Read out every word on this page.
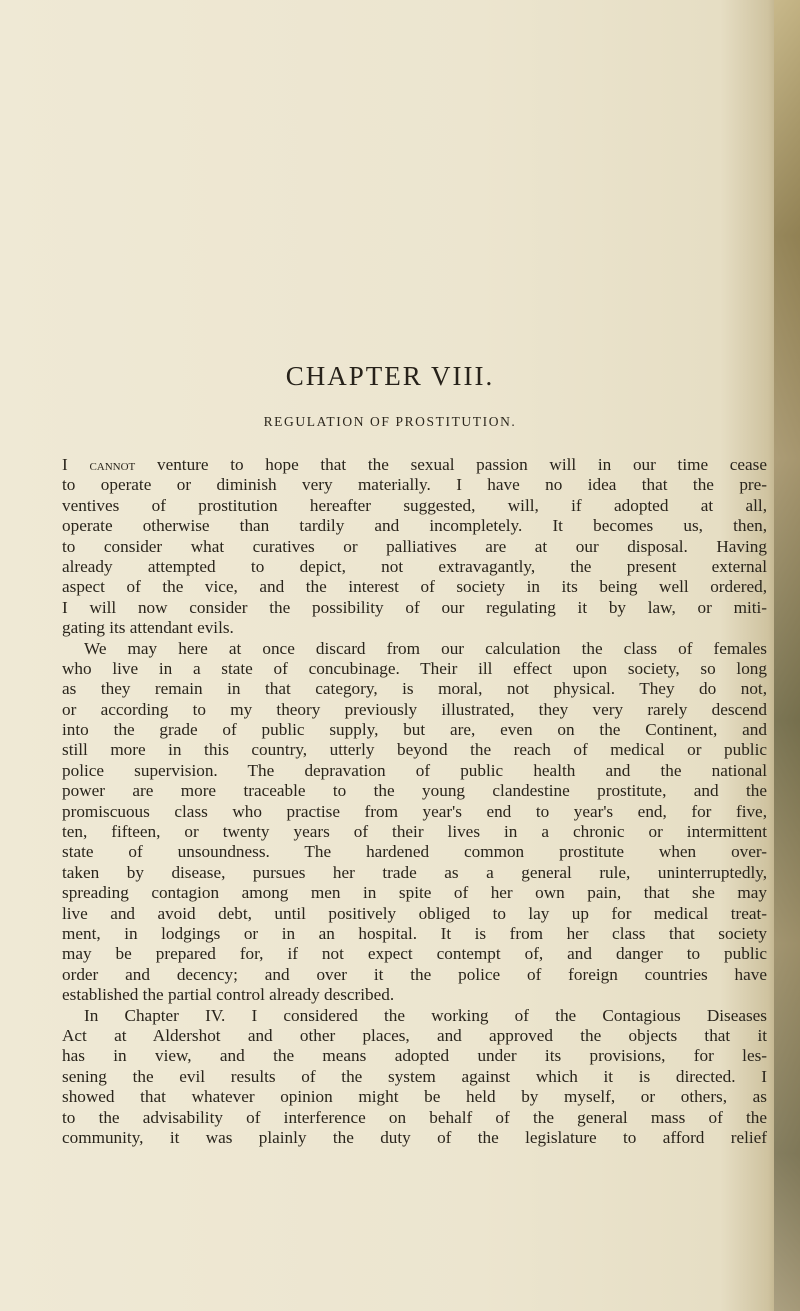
CHAPTER VIII.
REGULATION OF PROSTITUTION.
I cannot venture to hope that the sexual passion will in our time cease
to operate or diminish very materially. I have no idea that the pre-
ventives of prostitution hereafter suggested, will, if adopted at all,
operate otherwise than tardily and incompletely. It becomes us, then,
to consider what curatives or palliatives are at our disposal. Having
already attempted to depict, not extravagantly, the present external
aspect of the vice, and the interest of society in its being well ordered,
I will now consider the possibility of our regulating it by law, or miti-
gating its attendant evils.
We may here at once discard from our calculation the class of females
who live in a state of concubinage. Their ill effect upon society, so long
as they remain in that category, is moral, not physical. They do not,
or according to my theory previously illustrated, they very rarely descend
into the grade of public supply, but are, even on the Continent, and
still more in this country, utterly beyond the reach of medical or public
police supervision. The depravation of public health and the national
power are more traceable to the young clandestine prostitute, and the
promiscuous class who practise from year's end to year's end, for five,
ten, fifteen, or twenty years of their lives in a chronic or intermittent
state of unsoundness. The hardened common prostitute when over-
taken by disease, pursues her trade as a general rule, uninterruptedly,
spreading contagion among men in spite of her own pain, that she may
live and avoid debt, until positively obliged to lay up for medical treat-
ment, in lodgings or in an hospital. It is from her class that society
may be prepared for, if not expect contempt of, and danger to public
order and decency; and over it the police of foreign countries have
established the partial control already described.
In Chapter IV. I considered the working of the Contagious Diseases
Act at Aldershot and other places, and approved the objects that it
has in view, and the means adopted under its provisions, for les-
sening the evil results of the system against which it is directed. I
showed that whatever opinion might be held by myself, or others, as
to the advisability of interference on behalf of the general mass of the
community, it was plainly the duty of the legislature to afford relief
